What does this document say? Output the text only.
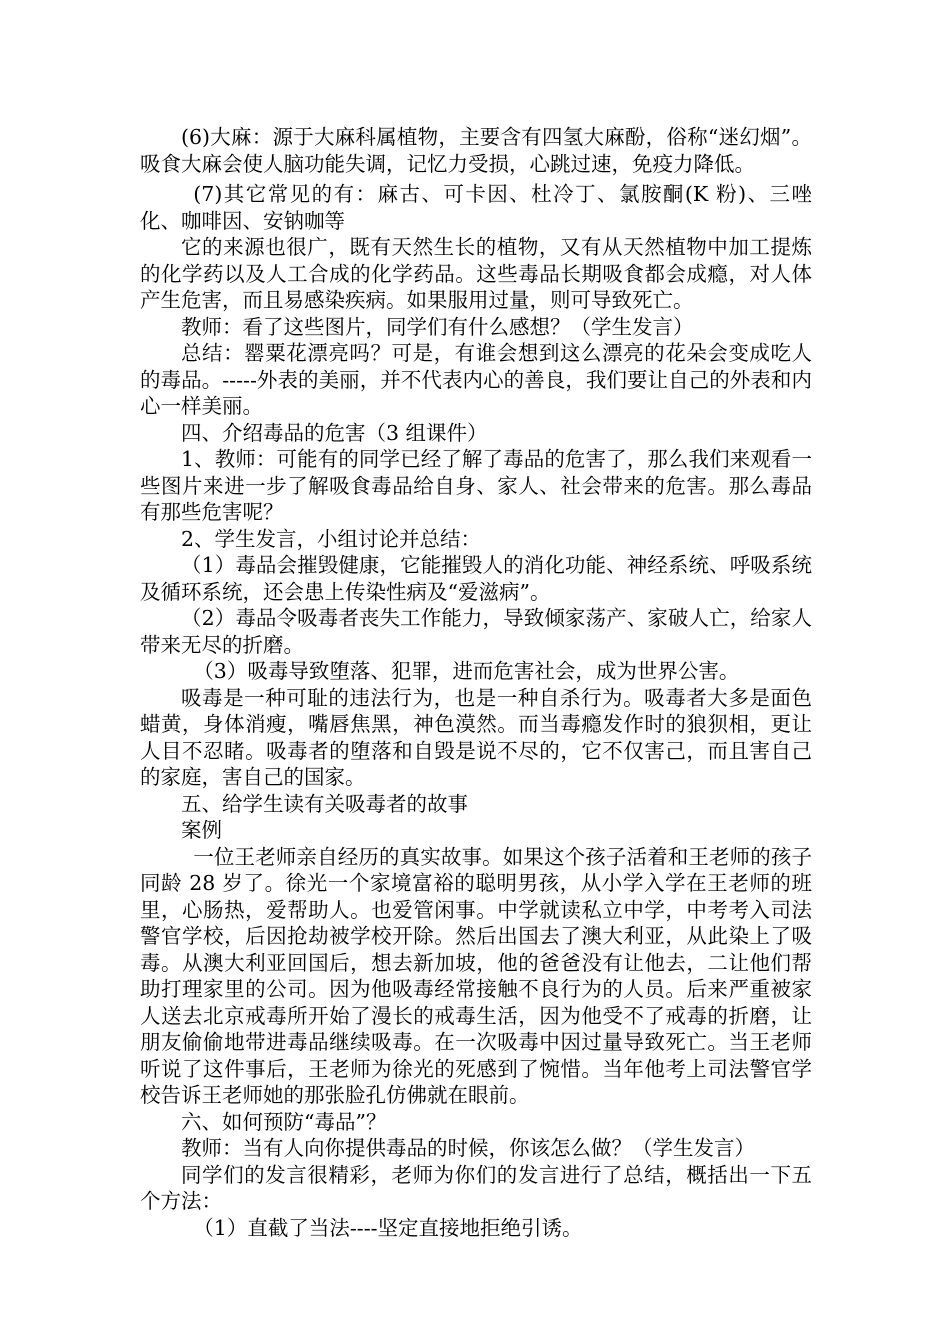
(6)大麻：源于大麻科属植物，主要含有四氢大麻酚，俗称“迷幻烟”。吸食大麻会使人脑功能失调，记忆力受损，心跳过速，免疫力降低。

(7)其它常见的有：麻古、可卡因、杜冷丁、氯胺酮(K 粉)、三唑化、咖啡因、安钠咖等

它的来源也很广，既有天然生长的植物，又有从天然植物中加工提炼的化学药以及人工合成的化学药品。这些毒品长期吸食都会成瘾，对人体产生危害，而且易感染疾病。如果服用过量，则可导致死亡。

教师：看了这些图片，同学们有什么感想？（学生发言）

总结：罂粟花漂亮吗？可是，有谁会想到这么漂亮的花朵会变成吃人的毒品。-----外表的美丽，并不代表内心的善良，我们要让自己的外表和内心一样美丽。

四、介绍毒品的危害（3 组课件）

1、教师：可能有的同学已经了解了毒品的危害了，那么我们来观看一些图片来进一步了解吸食毒品给自身、家人、社会带来的危害。那么毒品有那些危害呢？

2、学生发言，小组讨论并总结：

（1）毒品会摧毁健康，它能摧毁人的消化功能、神经系统、呼吸系统及循环系统，还会患上传染性病及“爱滋病”。

（2）毒品令吸毒者丧失工作能力，导致倾家荡产、家破人亡，给家人带来无尽的折磨。

（3）吸毒导致堕落、犯罪，进而危害社会，成为世界公害。

吸毒是一种可耻的违法行为，也是一种自杀行为。吸毒者大多是面色蜡黄，身体消瘦，嘴唇焦黑，神色漠然。而当毒瘾发作时的狼狈相，更让人目不忍睹。吸毒者的堕落和自毁是说不尽的，它不仅害己，而且害自己的家庭，害自己的国家。

五、给学生读有关吸毒者的故事

案例

一位王老师亲自经历的真实故事。如果这个孩子活着和王老师的孩子同龄 28 岁了。徐光一个家境富裕的聪明男孩，从小学入学在王老师的班里，心肠热，爱帮助人。也爱管闲事。中学就读私立中学，中考考入司法警官学校，后因抢劫被学校开除。然后出国去了澳大利亚，从此染上了吸毒。从澳大利亚回国后，想去新加坡，他的爸爸没有让他去，二让他们帮助打理家里的公司。因为他吸毒经常接触不良行为的人员。后来严重被家人送去北京戒毒所开始了漫长的戒毒生活，因为他受不了戒毒的折磨，让朋友偷偷地带进毒品继续吸毒。在一次吸毒中因过量导致死亡。当王老师听说了这件事后，王老师为徐光的死感到了惋惜。当年他考上司法警官学校告诉王老师她的那张脸孔仿佛就在眼前。

六、如何预防“毒品”？

教师：当有人向你提供毒品的时候，你该怎么做？（学生发言）

同学们的发言很精彩，老师为你们的发言进行了总结，概括出一下五个方法：

（1）直截了当法----坚定直接地拒绝引诱。
